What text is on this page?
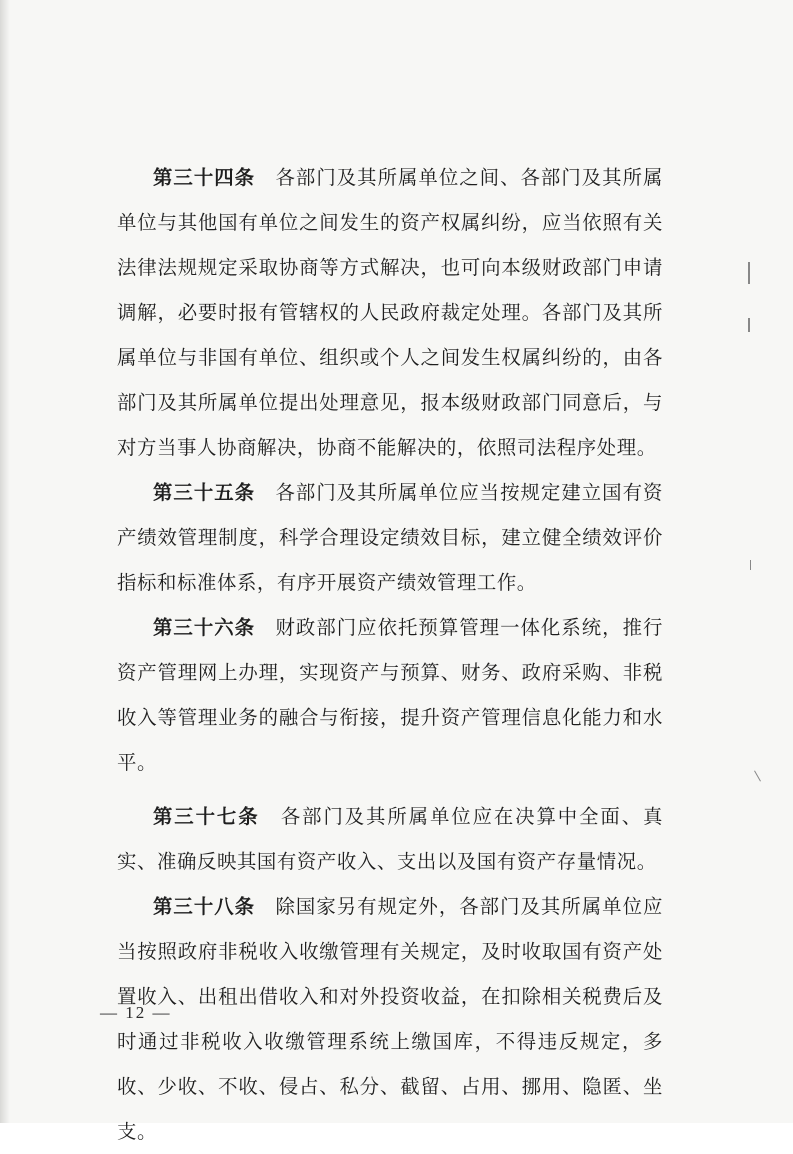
第三十四条 各部门及其所属单位之间、各部门及其所属单位与其他国有单位之间发生的资产权属纠纷，应当依照有关法律法规规定采取协商等方式解决，也可向本级财政部门申请调解，必要时报有管辖权的人民政府裁定处理。各部门及其所属单位与非国有单位、组织或个人之间发生权属纠纷的，由各部门及其所属单位提出处理意见，报本级财政部门同意后，与对方当事人协商解决，协商不能解决的，依照司法程序处理。

第三十五条 各部门及其所属单位应当按规定建立国有资产绩效管理制度，科学合理设定绩效目标，建立健全绩效评价指标和标准体系，有序开展资产绩效管理工作。

第三十六条 财政部门应依托预算管理一体化系统，推行资产管理网上办理，实现资产与预算、财务、政府采购、非税收入等管理业务的融合与衔接，提升资产管理信息化能力和水平。

第三十七条 各部门及其所属单位应在决算中全面、真实、准确反映其国有资产收入、支出以及国有资产存量情况。

第三十八条 除国家另有规定外，各部门及其所属单位应当按照政府非税收入收缴管理有关规定，及时收取国有资产处置收入、出租出借收入和对外投资收益，在扣除相关税费后及时通过非税收入收缴管理系统上缴国库，不得违反规定，多收、少收、不收、侵占、私分、截留、占用、挪用、隐匿、坐支。

— 12 —
